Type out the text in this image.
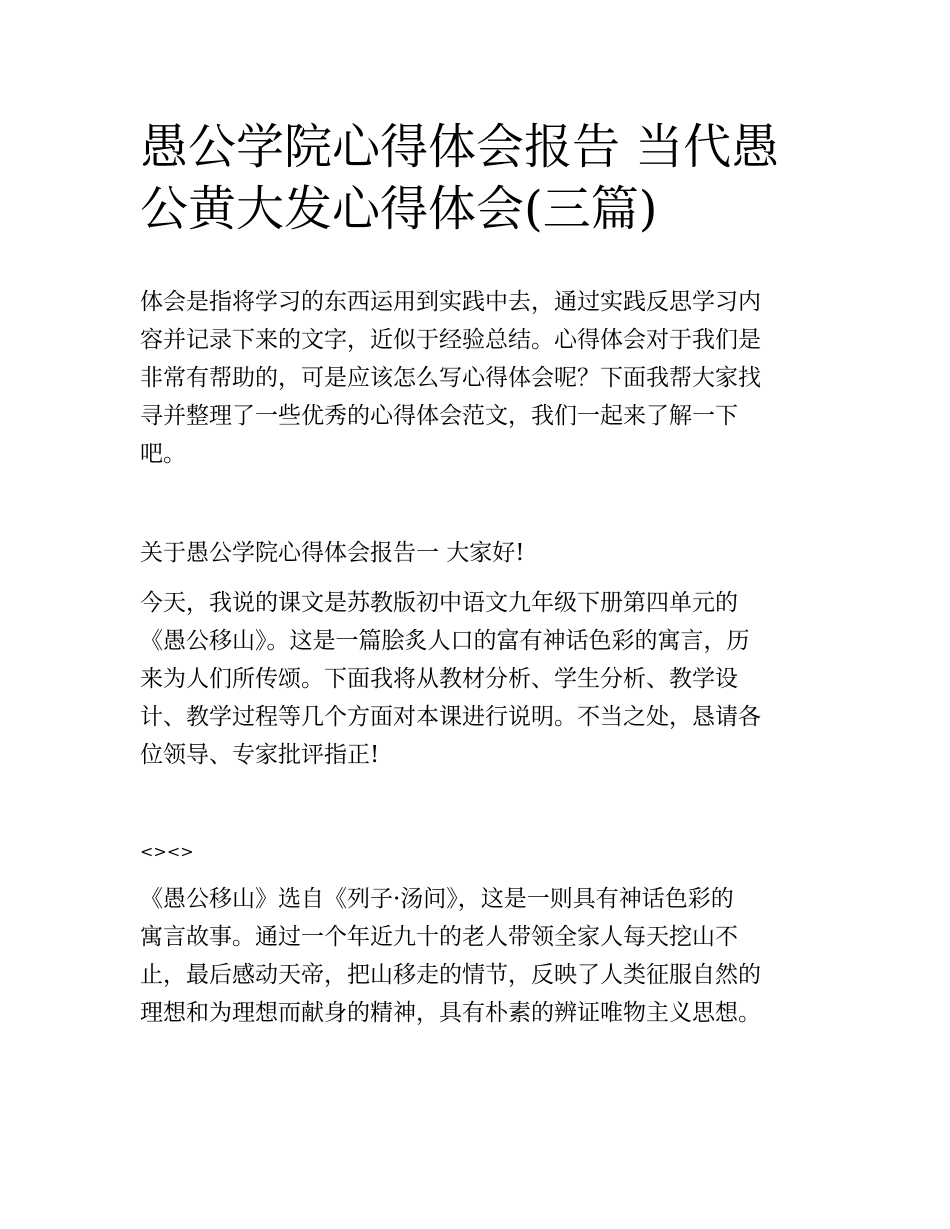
愚公学院心得体会报告 当代愚
公黄大发心得体会(三篇)

体会是指将学习的东西运用到实践中去，通过实践反思学习内
容并记录下来的文字，近似于经验总结。心得体会对于我们是
非常有帮助的，可是应该怎么写心得体会呢？下面我帮大家找
寻并整理了一些优秀的心得体会范文，我们一起来了解一下
吧。

关于愚公学院心得体会报告一 大家好!

今天，我说的课文是苏教版初中语文九年级下册第四单元的
《愚公移山》。这是一篇脍炙人口的富有神话色彩的寓言，历
来为人们所传颂。下面我将从教材分析、学生分析、教学设
计、教学过程等几个方面对本课进行说明。不当之处，恳请各
位领导、专家批评指正!

<><>

《愚公移山》选自《列子·汤问》，这是一则具有神话色彩的
寓言故事。通过一个年近九十的老人带领全家人每天挖山不
止，最后感动天帝，把山移走的情节，反映了人类征服自然的
理想和为理想而献身的精神，具有朴素的辨证唯物主义思想。
